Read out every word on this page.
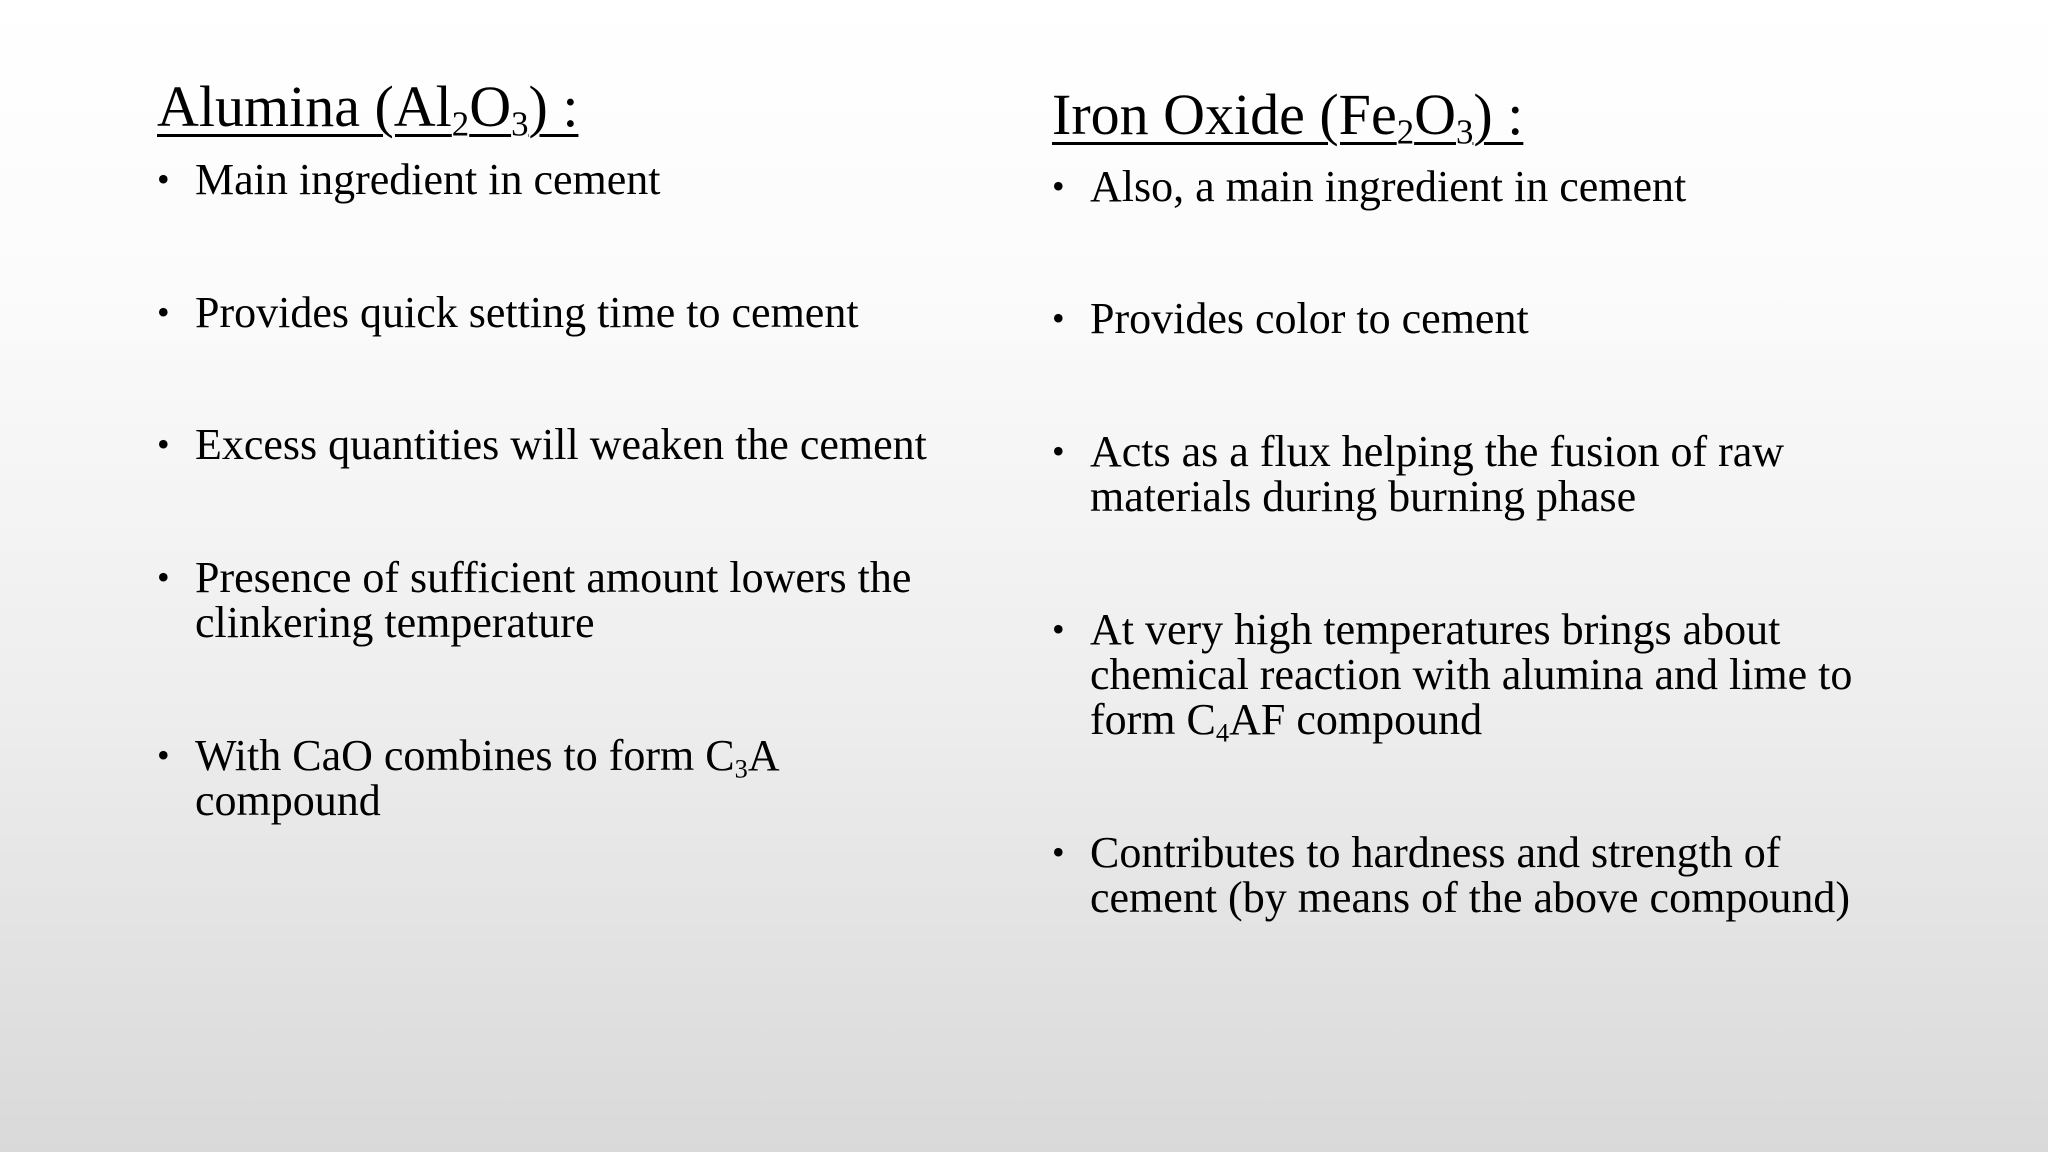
Alumina $(Al_2O_3)$ :
• Main ingredient in cement
• Provides quick setting time to cement
• Excess quantities will weaken the cement
• Presence of sufficient amount lowers the clinkering temperature
• With CaO combines to form $C_3A$ compound
Iron Oxide $(Fe_2O_3)$ :
• Also, a main ingredient in cement
• Provides color to cement
• Acts as a flux helping the fusion of raw materials during burning phase
• At very high temperatures brings about chemical reaction with alumina and lime to form $C_4AF$ compound
• Contributes to hardness and strength of cement (by means of the above compound)
